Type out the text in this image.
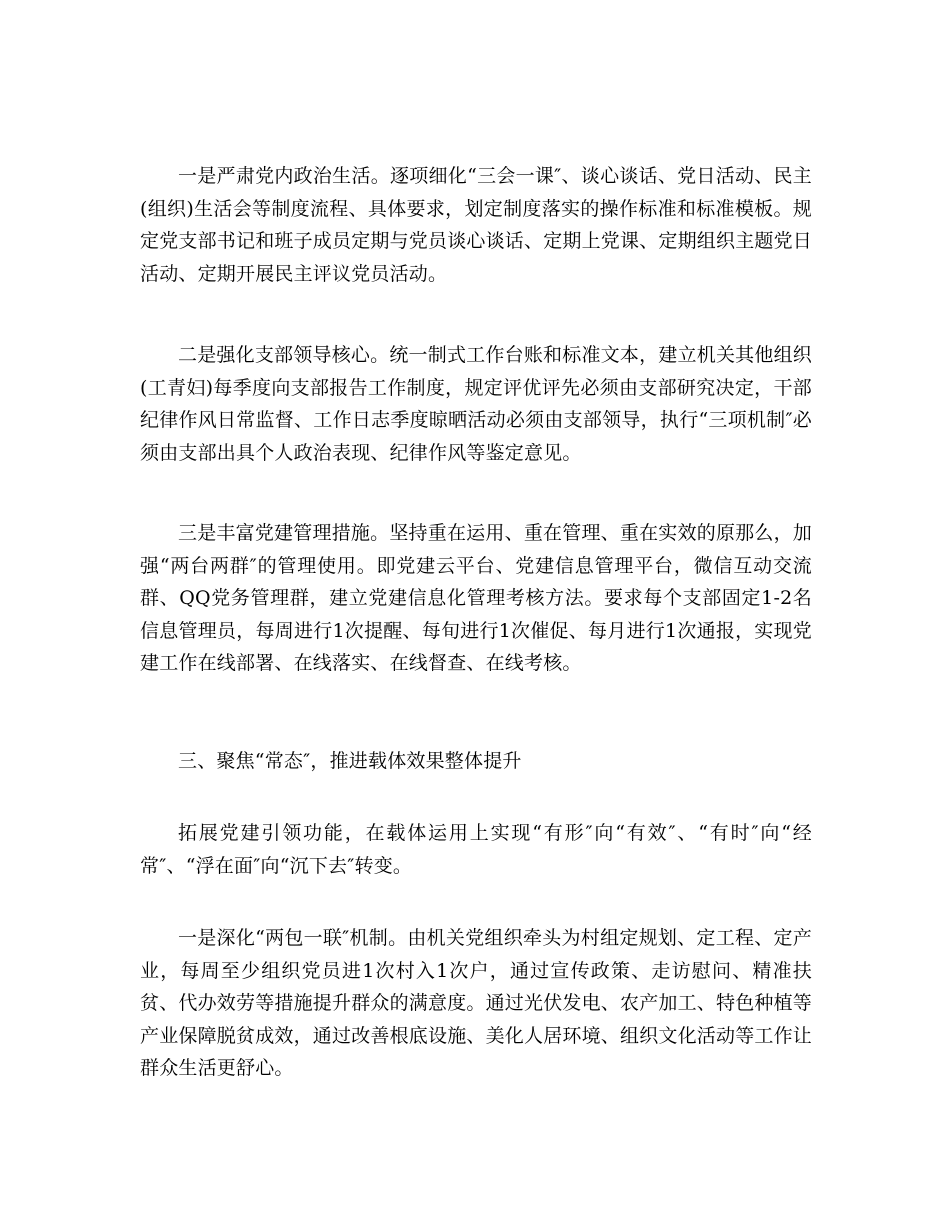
一是严肃党内政治生活。逐项细化“三会一课″、谈心谈话、党日活动、民主(组织)生活会等制度流程、具体要求，划定制度落实的操作标准和标准模板。规定党支部书记和班子成员定期与党员谈心谈话、定期上党课、定期组织主题党日活动、定期开展民主评议党员活动。

二是强化支部领导核心。统一制式工作台账和标准文本，建立机关其他组织(工青妇)每季度向支部报告工作制度，规定评优评先必须由支部研究决定，干部纪律作风日常监督、工作日志季度晾晒活动必须由支部领导，执行“三项机制″必须由支部出具个人政治表现、纪律作风等鉴定意见。

三是丰富党建管理措施。坚持重在运用、重在管理、重在实效的原那么，加强“两台两群″的管理使用。即党建云平台、党建信息管理平台，微信互动交流群、QQ党务管理群，建立党建信息化管理考核方法。要求每个支部固定1-2名信息管理员，每周进行1次提醒、每旬进行1次催促、每月进行1次通报，实现党建工作在线部署、在线落实、在线督查、在线考核。

三、聚焦“常态″，推进载体效果整体提升

拓展党建引领功能，在载体运用上实现“有形″向“有效″、“有时″向“经常″、“浮在面″向“沉下去″转变。

一是深化“两包一联″机制。由机关党组织牵头为村组定规划、定工程、定产业，每周至少组织党员进1次村入1次户，通过宣传政策、走访慰问、精准扶贫、代办效劳等措施提升群众的满意度。通过光伏发电、农产加工、特色种植等产业保障脱贫成效，通过改善根底设施、美化人居环境、组织文化活动等工作让群众生活更舒心。
